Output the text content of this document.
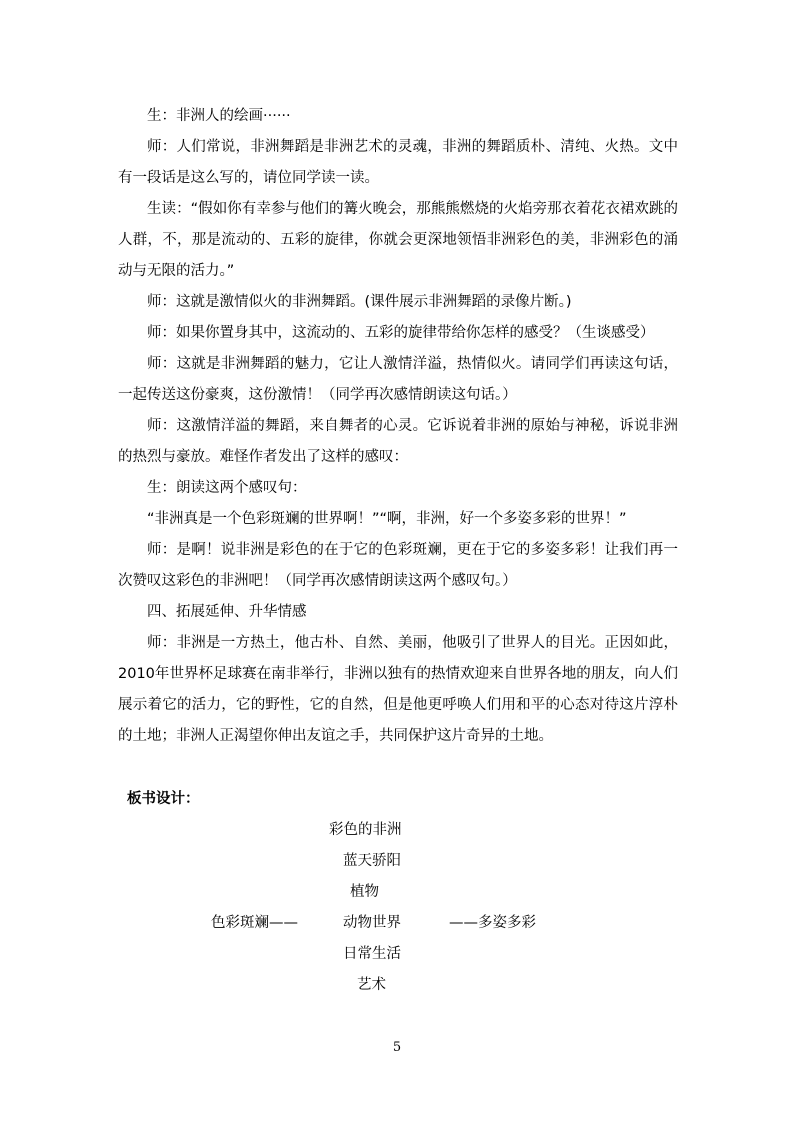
生：非洲人的绘画······

师：人们常说，非洲舞蹈是非洲艺术的灵魂，非洲的舞蹈质朴、清纯、火热。文中有一段话是这么写的，请位同学读一读。

生读：“假如你有幸参与他们的篝火晚会，那熊熊燃烧的火焰旁那衣着花衣裙欢跳的人群，不，那是流动的、五彩的旋律，你就会更深地领悟非洲彩色的美，非洲彩色的涌动与无限的活力。”

师：这就是激情似火的非洲舞蹈。(课件展示非洲舞蹈的录像片断。)

师：如果你置身其中，这流动的、五彩的旋律带给你怎样的感受？（生谈感受）

师：这就是非洲舞蹈的魅力，它让人激情洋溢，热情似火。请同学们再读这句话，一起传送这份豪爽，这份激情！（同学再次感情朗读这句话。）

师：这激情洋溢的舞蹈，来自舞者的心灵。它诉说着非洲的原始与神秘，诉说非洲的热烈与豪放。难怪作者发出了这样的感叹：

生：朗读这两个感叹句：

“非洲真是一个色彩斑斓的世界啊！”“啊，非洲，好一个多姿多彩的世界！”

师：是啊！说非洲是彩色的在于它的色彩斑斓，更在于它的多姿多彩！让我们再一次赞叹这彩色的非洲吧！（同学再次感情朗读这两个感叹句。）

四、拓展延伸、升华情感

师：非洲是一方热土，他古朴、自然、美丽，他吸引了世界人的目光。正因如此，2010年世界杯足球赛在南非举行，非洲以独有的热情欢迎来自世界各地的朋友，向人们展示着它的活力，它的野性，它的自然，但是他更呼唤人们用和平的心态对待这片淳朴的土地；非洲人正渴望你伸出友谊之手，共同保护这片奇异的土地。

板书设计：
彩色的非洲
蓝天骄阳
植物
色彩斑斓——	动物世界	——多姿多彩
日常生活
艺术
5
